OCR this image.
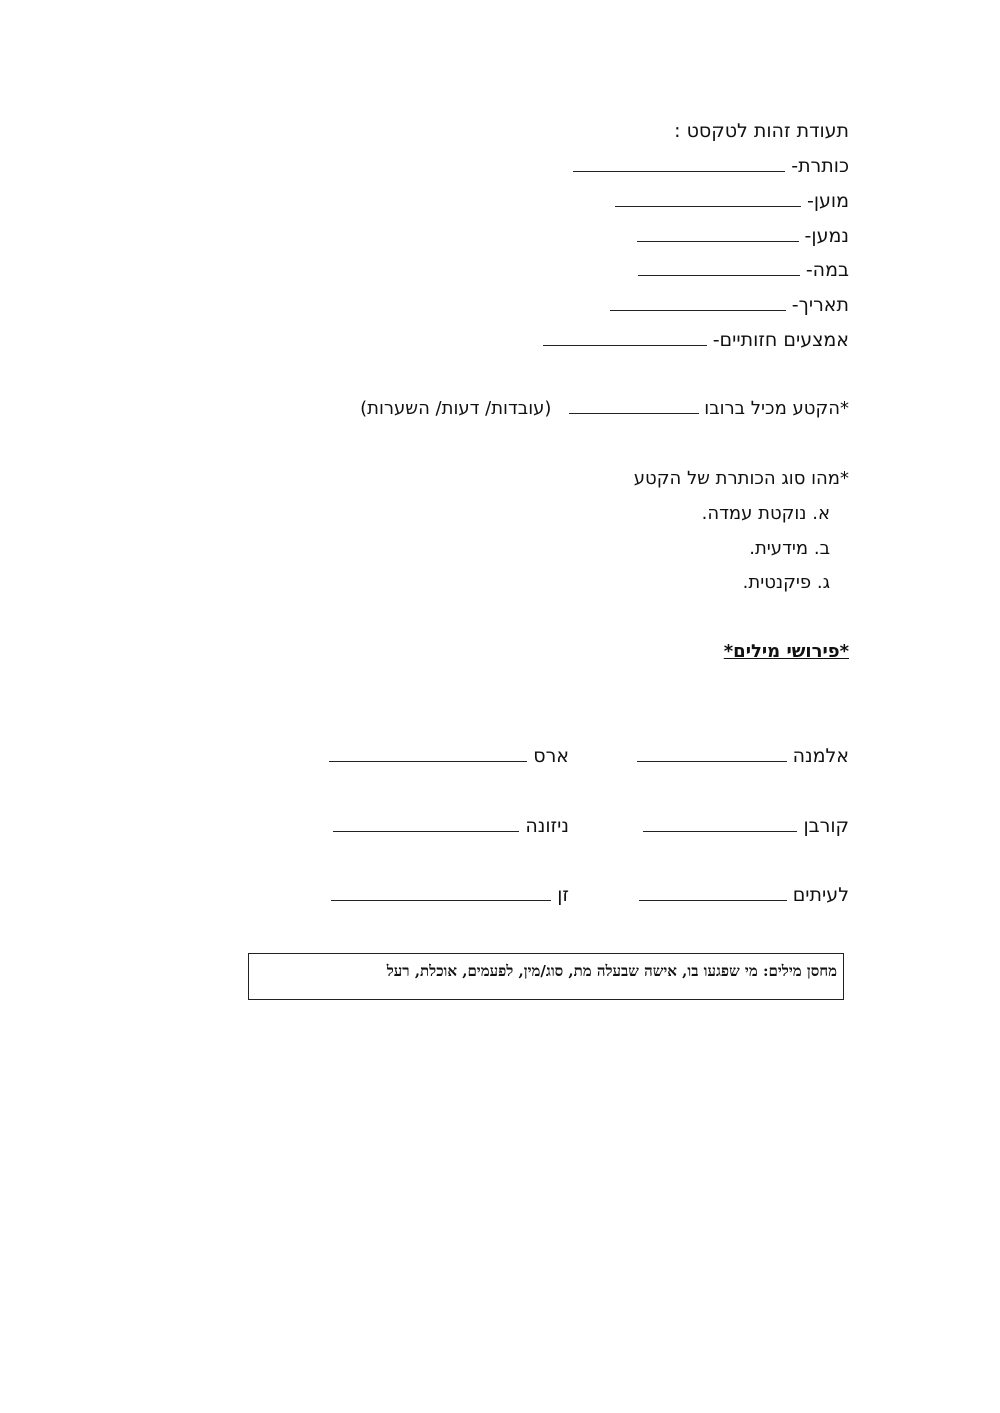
תעודת זהות לטקסט :
כותרת-
מוען-
נמען-
במה-
תאריך-
אמצעים חזותיים-
*הקטע מכיל ברובו    (עובדות/ דעות/ השערות)
*מהו סוג הכותרת של הקטע
א. נוקטת עמדה.
ב. מידעית.
ג. פיקנטית.
*פירושי מילים*
אלמנה
ארס
קורבן
ניזונה
לעיתים
זן
מחסן מילים: מי שפגעו בו, אישה שבעלה מת, סוג/מין, לפעמים, אוכלת, רעל
